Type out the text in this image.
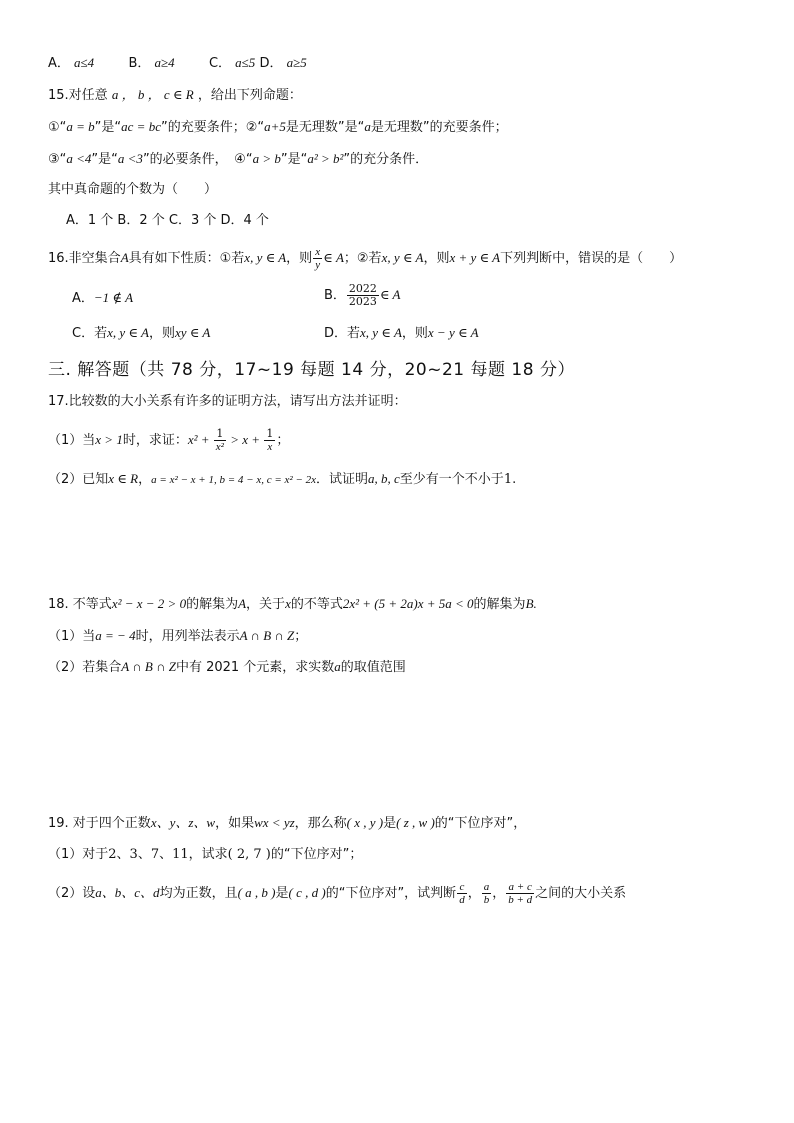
A． a≤4	B． a≥4	C． a≤5 D． a≥5
15.对任意 a ， b ， c ∈ R ，给出下列命题：
①“a = b”是“ac = bc”的充要条件；②“a+5是无理数”是“a是无理数”的充要条件；
③“a <4”是“a <3”的必要条件，　④“a > b”是“a² > b²”的充分条件．
其中真命题的个数为（　　）
A．1 个 B．2 个 C．3 个 D．4 个
16.非空集合A具有如下性质：①若x, y ∈ A，则 $\frac{x}{y}$ ∈ A；②若x, y ∈ A，则x + y ∈ A下列判断中，错误的是（　　）
A．−1 ∉ A	B． $\frac{2022}{2023}$ ∈ A
C．若x, y ∈ A，则xy ∈ A	D．若x, y ∈ A，则x − y ∈ A
三. 解答题（共 78 分，17~19 每题 14 分，20~21 每题 18 分）
17.比较数的大小关系有许多的证明方法，请写出方法并证明：
（1）当x > 1时，求证：$x^2 + \frac{1}{\text{x²}} > x + \frac{1}{x}$ ；
（2）已知x ∈ R，a = x² − x + 1, b = 4 − x, c = x² − 2x．试证明a, b, c至少有一个不小于1.
18. 不等式x² − x − 2 > 0的解集为A，关于x的不等式2x² + (5 + 2a)x + 5a < 0的解集为B.
（1）当a = − 4时，用列举法表示A ∩ B ∩ Z；
（2）若集合A ∩ B ∩ Z中有 2021 个元素，求实数a的取值范围
19. 对于四个正数x、y、z、w，如果wx < yz，那么称( x , y )是( z , w )的“下位序对”，
（1）对于2、3、7、11，试求( 2, 7 )的“下位序对”；
（2）设a、b、c、d均为正数，且( a , b )是( c , d )的“下位序对”，试判断 $\frac{c}{d}$ ， $\frac{a}{b}$ ， $\frac{a + c}{b + d}$ 之间的大小关系
